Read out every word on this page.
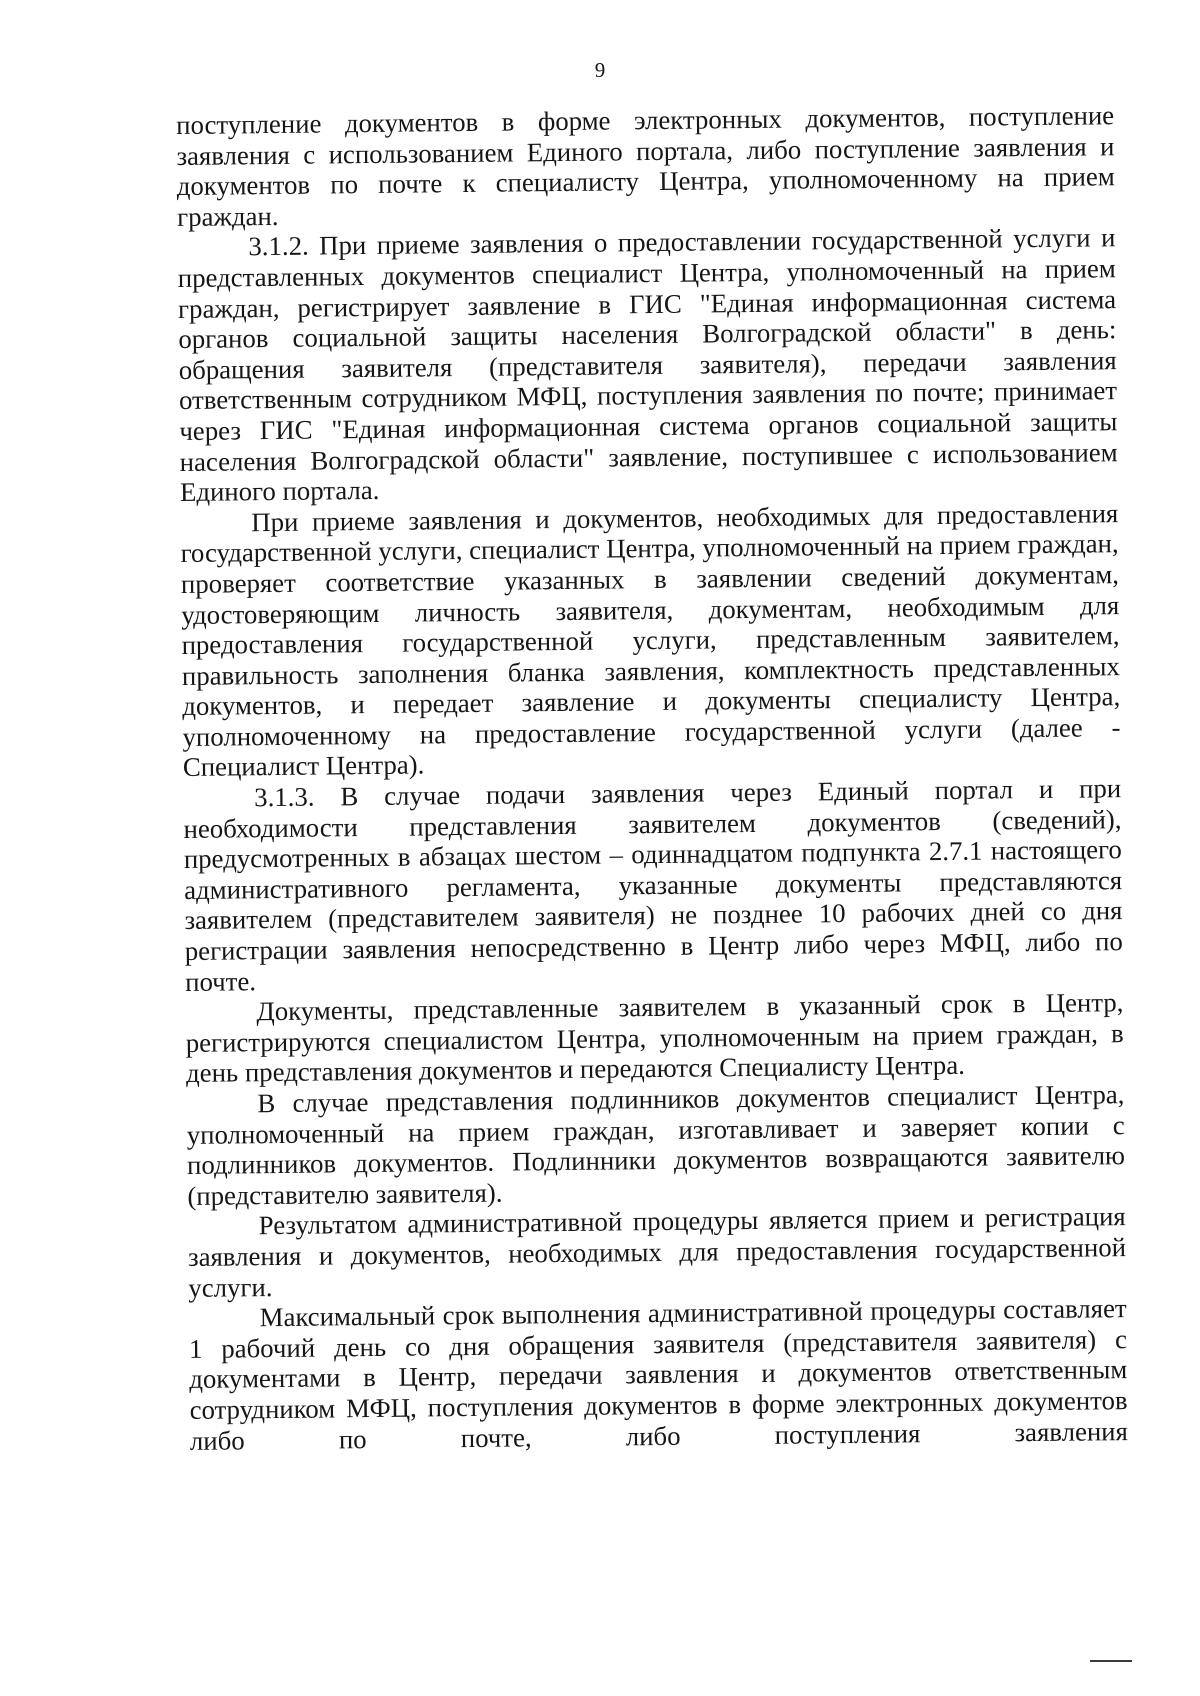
9

поступление документов в форме электронных документов, поступление заявления с использованием Единого портала, либо поступление заявления и документов по почте к специалисту Центра, уполномоченному на прием граждан.

3.1.2. При приеме заявления о предоставлении государственной услуги и представленных документов специалист Центра, уполномоченный на прием граждан, регистрирует заявление в ГИС "Единая информационная система органов социальной защиты населения Волгоградской области" в день: обращения заявителя (представителя заявителя), передачи заявления ответственным сотрудником МФЦ, поступления заявления по почте; принимает через ГИС "Единая информационная система органов социальной защиты населения Волгоградской области" заявление, поступившее с использованием Единого портала.

При приеме заявления и документов, необходимых для предоставления государственной услуги, специалист Центра, уполномоченный на прием граждан, проверяет соответствие указанных в заявлении сведений документам, удостоверяющим личность заявителя, документам, необходимым для предоставления государственной услуги, представленным заявителем, правильность заполнения бланка заявления, комплектность представленных документов, и передает заявление и документы специалисту Центра, уполномоченному на предоставление государственной услуги (далее - Специалист Центра).

3.1.3. В случае подачи заявления через Единый портал и при необходимости представления заявителем документов (сведений), предусмотренных в абзацах шестом – одиннадцатом подпункта 2.7.1 настоящего административного регламента, указанные документы представляются заявителем (представителем заявителя) не позднее 10 рабочих дней со дня регистрации заявления непосредственно в Центр либо через МФЦ, либо по почте.

Документы, представленные заявителем в указанный срок в Центр, регистрируются специалистом Центра, уполномоченным на прием граждан, в день представления документов и передаются Специалисту Центра.

В случае представления подлинников документов специалист Центра, уполномоченный на прием граждан, изготавливает и заверяет копии с подлинников документов. Подлинники документов возвращаются заявителю (представителю заявителя).

Результатом административной процедуры является прием и регистрация заявления и документов, необходимых для предоставления государственной услуги.

Максимальный срок выполнения административной процедуры составляет 1 рабочий день со дня обращения заявителя (представителя заявителя) с документами в Центр, передачи заявления и документов ответственным сотрудником МФЦ, поступления документов в форме электронных документов либо по почте, либо поступления заявления
